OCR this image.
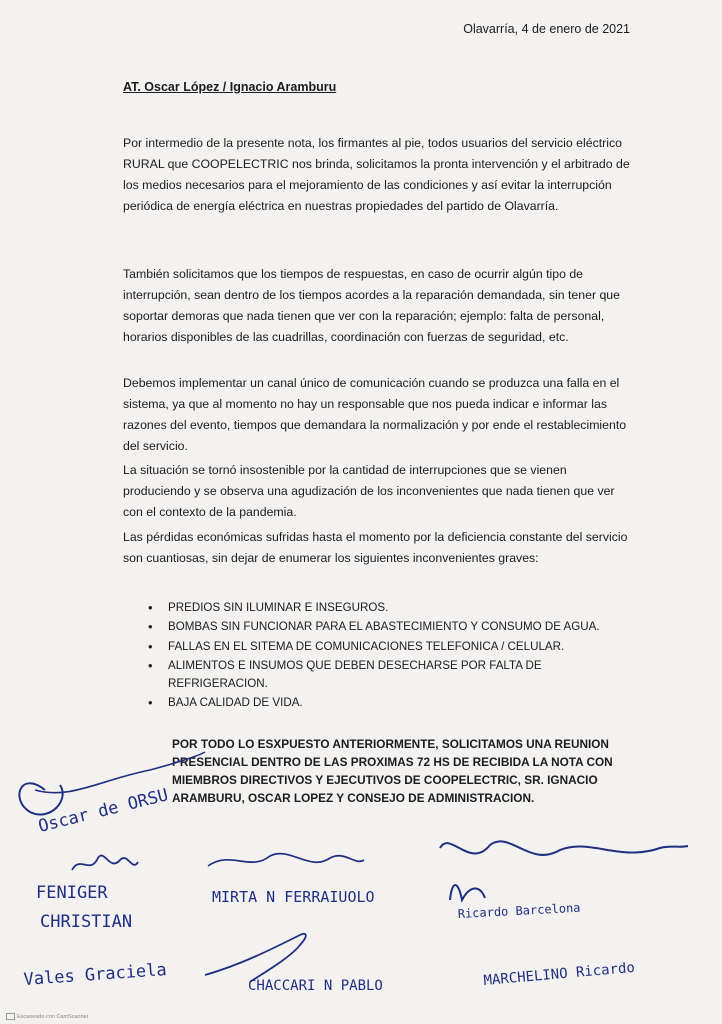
Olavarría, 4 de enero de 2021
AT. Oscar López / Ignacio Aramburu

Por intermedio de la presente nota, los firmantes al pie, todos usuarios del servicio eléctrico RURAL que COOPELECTRIC nos brinda, solicitamos la pronta intervención y el arbitrado de los medios necesarios para el mejoramiento de las condiciones y así evitar la interrupción periódica de energía eléctrica en nuestras propiedades del partido de Olavarría.

También solicitamos que los tiempos de respuestas, en caso de ocurrir algún tipo de interrupción, sean dentro de los tiempos acordes a la reparación demandada, sin tener que soportar demoras que nada tienen que ver con la reparación; ejemplo: falta de personal, horarios disponibles de las cuadrillas, coordinación con fuerzas de seguridad, etc.

Debemos implementar un canal único de comunicación cuando se produzca una falla en el sistema, ya que al momento no hay un responsable que nos pueda indicar e informar las razones del evento, tiempos que demandara la normalización y por ende el restablecimiento del servicio.

La situación se tornó insostenible por la cantidad de interrupciones que se vienen produciendo y se observa una agudización de los inconvenientes que nada tienen que ver con el contexto de la pandemia.

Las pérdidas económicas sufridas hasta el momento por la deficiencia constante del servicio son cuantiosas, sin dejar de enumerar los siguientes inconvenientes graves:

• PREDIOS SIN ILUMINAR E INSEGUROS.
• BOMBAS SIN FUNCIONAR PARA EL ABASTECIMIENTO Y CONSUMO DE AGUA.
• FALLAS EN EL SITEMA DE COMUNICACIONES TELEFONICA / CELULAR.
• ALIMENTOS E INSUMOS QUE DEBEN DESECHARSE POR FALTA DE REFRIGERACION.
• BAJA CALIDAD DE VIDA.

POR TODO LO ESXPUESTO ANTERIORMENTE, SOLICITAMOS UNA REUNION PRESENCIAL DENTRO DE LAS PROXIMAS 72 HS DE RECIBIDA LA NOTA CON MIEMBROS DIRECTIVOS Y EJECUTIVOS DE COOPELECTRIC, SR. IGNACIO ARAMBURU, OSCAR LOPEZ Y CONSEJO DE ADMINISTRACION.

Oscar de ORSU
FENIGER CHRISTIAN
MIRTA N FERRAIUOLO
Ricardo Barcelona
Vales Graciela	CHACCARI N PABLO	MARCHELINO Ricardo
Escaneado con CamScanner
